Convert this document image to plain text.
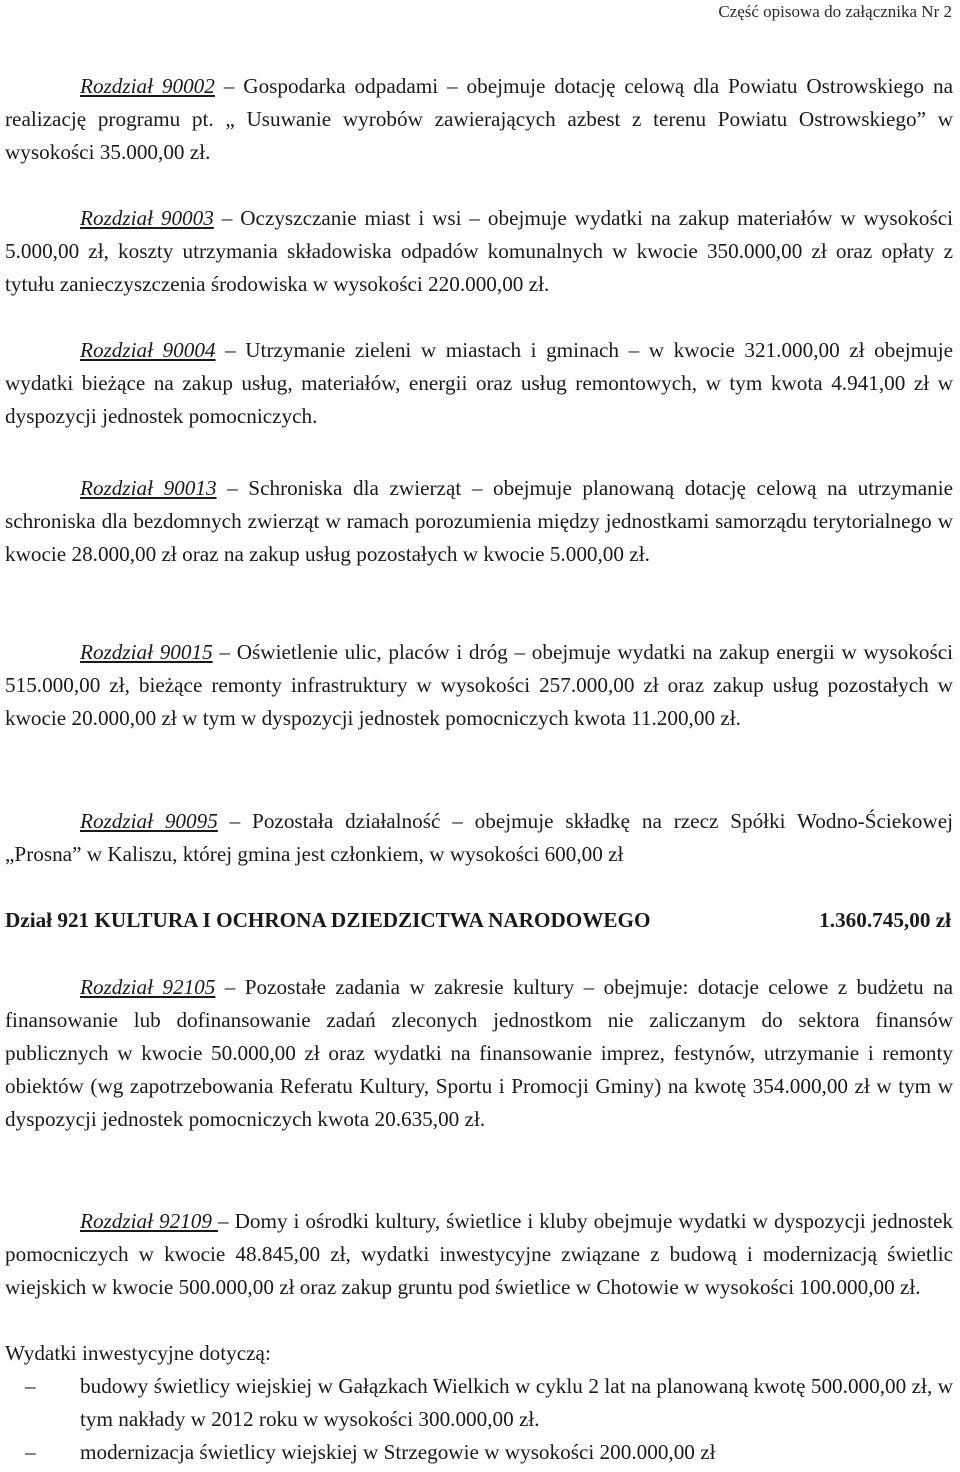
Część opisowa do załącznika Nr 2
Rozdział 90002 – Gospodarka odpadami – obejmuje dotację celową dla Powiatu Ostrowskiego na realizację programu pt. „ Usuwanie wyrobów zawierających azbest z terenu Powiatu Ostrowskiego” w wysokości 35.000,00 zł.
Rozdział 90003 – Oczyszczanie miast i wsi – obejmuje wydatki na zakup materiałów w wysokości 5.000,00 zł, koszty utrzymania składowiska odpadów komunalnych w kwocie 350.000,00 zł oraz opłaty z tytułu zanieczyszczenia środowiska w wysokości 220.000,00 zł.
Rozdział 90004 – Utrzymanie zieleni w miastach i gminach – w kwocie 321.000,00 zł obejmuje wydatki bieżące na zakup usług, materiałów, energii oraz usług remontowych, w tym kwota 4.941,00 zł w dyspozycji jednostek pomocniczych.
Rozdział 90013 – Schroniska dla zwierząt – obejmuje planowaną dotację celową na utrzymanie schroniska dla bezdomnych zwierząt w ramach porozumienia między jednostkami samorządu terytorialnego w kwocie 28.000,00 zł oraz na zakup usług pozostałych w kwocie 5.000,00 zł.
Rozdział 90015 – Oświetlenie ulic, placów i dróg – obejmuje wydatki na zakup energii w wysokości 515.000,00 zł, bieżące remonty infrastruktury w wysokości 257.000,00 zł oraz zakup usług pozostałych w kwocie 20.000,00 zł w tym w dyspozycji jednostek pomocniczych kwota 11.200,00 zł.
Rozdział 90095 – Pozostała działalność – obejmuje składkę na rzecz Spółki Wodno-Ściekowej „Prosna” w Kaliszu, której gmina jest członkiem, w wysokości 600,00 zł
Dział 921 KULTURA I OCHRONA DZIEDZICTWA NARODOWEGO	1.360.745,00 zł
Rozdział 92105 – Pozostałe zadania w zakresie kultury – obejmuje: dotacje celowe z budżetu na finansowanie lub dofinansowanie zadań zleconych jednostkom nie zaliczanym do sektora finansów publicznych w kwocie 50.000,00 zł oraz wydatki na finansowanie imprez, festynów, utrzymanie i remonty obiektów (wg zapotrzebowania Referatu Kultury, Sportu i Promocji Gminy) na kwotę 354.000,00 zł w tym w dyspozycji jednostek pomocniczych kwota 20.635,00 zł.
Rozdział 92109 – Domy i ośrodki kultury, świetlice i kluby obejmuje wydatki w dyspozycji jednostek pomocniczych w kwocie 48.845,00 zł, wydatki inwestycyjne związane z budową i modernizacją świetlic wiejskich w kwocie 500.000,00 zł oraz zakup gruntu pod świetlice w Chotowie w wysokości 100.000,00 zł.
Wydatki inwestycyjne dotyczą:
– budowy świetlicy wiejskiej w Gałązkach Wielkich w cyklu 2 lat na planowaną kwotę 500.000,00 zł, w tym nakłady w 2012 roku w wysokości 300.000,00 zł.
– modernizacja świetlicy wiejskiej w Strzegowie w wysokości 200.000,00 zł
